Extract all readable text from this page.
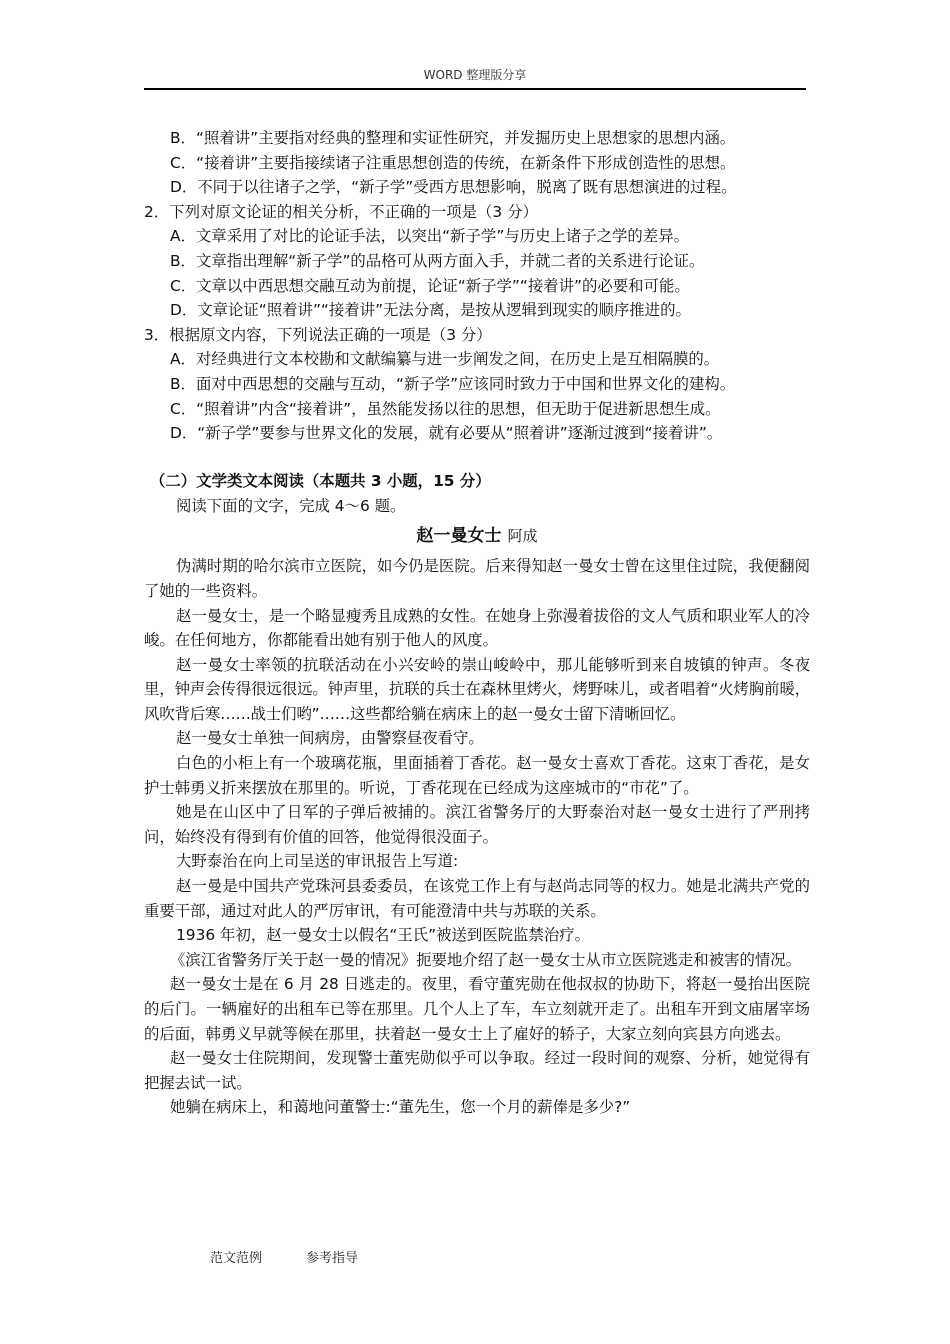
WORD 整理版分享
B．“照着讲”主要指对经典的整理和实证性研究，并发掘历史上思想家的思想内涵。
C．“接着讲”主要指接续诸子注重思想创造的传统，在新条件下形成创造性的思想。
D．不同于以往诸子之学，“新子学”受西方思想影响，脱离了既有思想演进的过程。
2．下列对原文论证的相关分析，不正确的一项是（3 分）
A．文章采用了对比的论证手法，以突出“新子学”与历史上诸子之学的差异。
B．文章指出理解“新子学”的品格可从两方面入手，并就二者的关系进行论证。
C．文章以中西思想交融互动为前提，论证“新子学”“接着讲”的必要和可能。
D．文章论证“照着讲”“接着讲”无法分离，是按从逻辑到现实的顺序推进的。
3．根据原文内容，下列说法正确的一项是（3 分）
A．对经典进行文本校勘和文献编纂与进一步阐发之间，在历史上是互相隔膜的。
B．面对中西思想的交融与互动，“新子学”应该同时致力于中国和世界文化的建构。
C．“照着讲”内含“接着讲”，虽然能发扬以往的思想，但无助于促进新思想生成。
D．“新子学”要参与世界文化的发展，就有必要从“照着讲”逐渐过渡到“接着讲”。
（二）文学类文本阅读（本题共 3 小题，15 分）
阅读下面的文字，完成 4～6 题。
赵一曼女士 阿成

伪满时期的哈尔滨市立医院，如今仍是医院。后来得知赵一曼女士曾在这里住过院，我便翻阅了她的一些资料。

赵一曼女士，是一个略显瘦秀且成熟的女性。在她身上弥漫着拔俗的文人气质和职业军人的冷峻。在任何地方，你都能看出她有别于他人的风度。

赵一曼女士率领的抗联活动在小兴安岭的崇山峻岭中，那儿能够听到来自坡镇的钟声。冬夜里，钟声会传得很远很远。钟声里，抗联的兵士在森林里烤火，烤野味儿，或者唱着“火烤胸前暖，风吹背后寒……战士们哟”……这些都给躺在病床上的赵一曼女士留下清晰回忆。

赵一曼女士单独一间病房，由警察昼夜看守。

白色的小柜上有一个玻璃花瓶，里面插着丁香花。赵一曼女士喜欢丁香花。这束丁香花，是女护士韩勇义折来摆放在那里的。听说，丁香花现在已经成为这座城市的“市花”了。

她是在山区中了日军的子弹后被捕的。滨江省警务厅的大野泰治对赵一曼女士进行了严刑拷问，始终没有得到有价值的回答，他觉得很没面子。

大野泰治在向上司呈送的审讯报告上写道:

赵一曼是中国共产党珠河县委委员，在该党工作上有与赵尚志同等的权力。她是北满共产党的重要干部，通过对此人的严厉审讯，有可能澄清中共与苏联的关系。

1936 年初，赵一曼女士以假名“王氏”被送到医院监禁治疗。

《滨江省警务厅关于赵一曼的情况》扼要地介绍了赵一曼女士从市立医院逃走和被害的情况。

赵一曼女士是在 6 月 28 日逃走的。夜里，看守董宪勋在他叔叔的协助下，将赵一曼抬出医院的后门。一辆雇好的出租车已等在那里。几个人上了车，车立刻就开走了。出租车开到文庙屠宰场的后面，韩勇义早就等候在那里，扶着赵一曼女士上了雇好的轿子，大家立刻向宾县方向逃去。

赵一曼女士住院期间，发现警士董宪勋似乎可以争取。经过一段时间的观察、分析，她觉得有把握去试一试。

她躺在病床上，和蔼地问董警士:“董先生，您一个月的薪俸是多少?”

范文范例	参考指导
